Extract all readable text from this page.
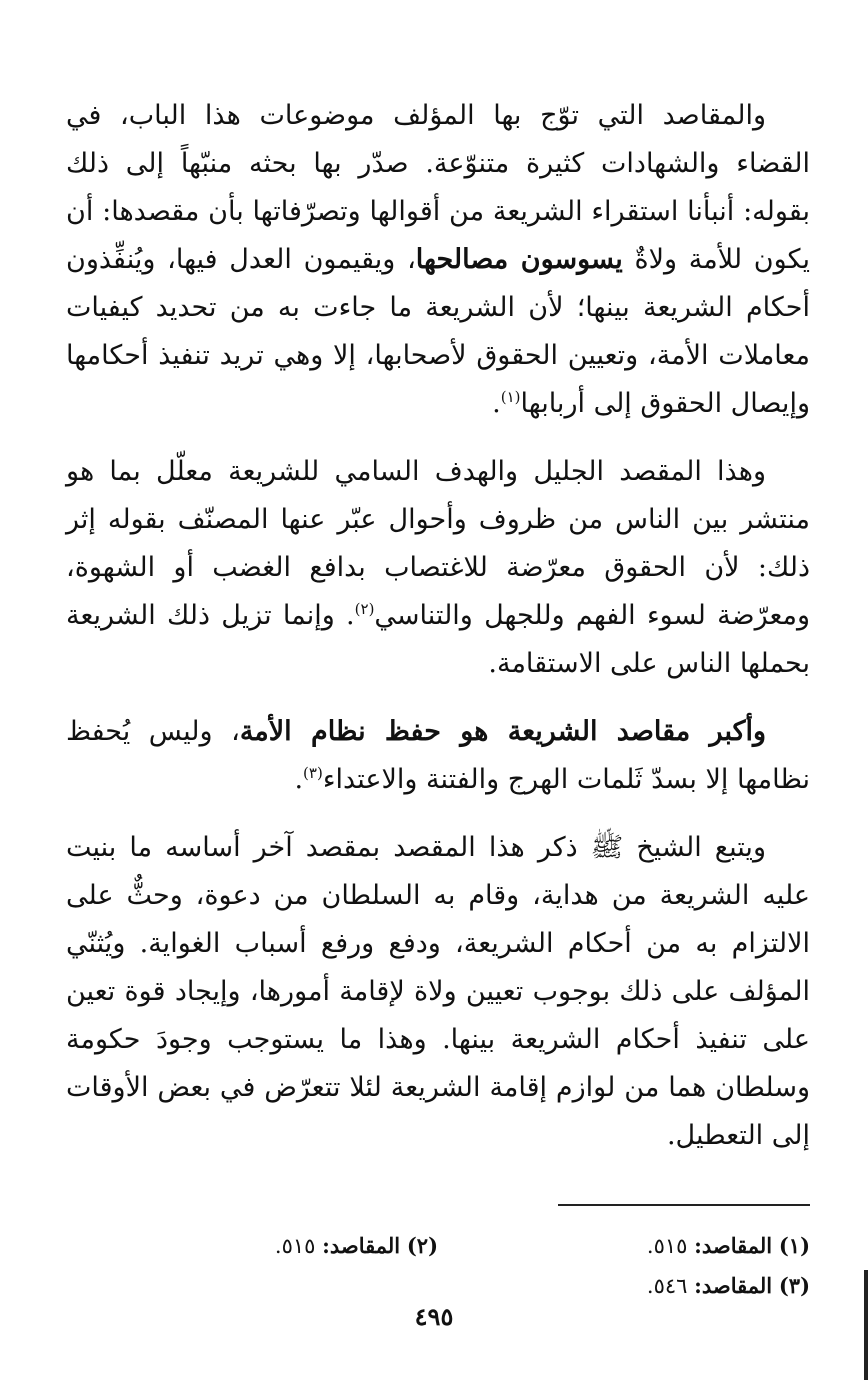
والمقاصد التي توّج بها المؤلف موضوعات هذا الباب، في القضاء والشهادات كثيرة متنوّعة. صدّر بها بحثه منبّهاً إلى ذلك بقوله: أنبأنا استقراء الشريعة من أقوالها وتصرّفاتها بأن مقصدها: أن يكون للأمة ولاةٌ يسوسون مصالحها، ويقيمون العدل فيها، ويُنفِّذون أحكام الشريعة بينها؛ لأن الشريعة ما جاءت به من تحديد كيفيات معاملات الأمة، وتعيين الحقوق لأصحابها، إلا وهي تريد تنفيذ أحكامها وإيصال الحقوق إلى أربابها$^{(١)}$.

وهذا المقصد الجليل والهدف السامي للشريعة معلّل بما هو منتشر بين الناس من ظروف وأحوال عبّر عنها المصنّف بقوله إثر ذلك: لأن الحقوق معرّضة للاغتصاب بدافع الغضب أو الشهوة، ومعرّضة لسوء الفهم وللجهل والتناسي$^{(٢)}$. وإنما تزيل ذلك الشريعة بحملها الناس على الاستقامة.

وأكبر مقاصد الشريعة هو حفظ نظام الأمة، وليس يُحفظ نظامها إلا بسدّ ثَلمات الهرج والفتنة والاعتداء$^{(٣)}$.

ويتبع الشيخ ﷺ ذكر هذا المقصد بمقصد آخر أساسه ما بنيت عليه الشريعة من هداية، وقام به السلطان من دعوة، وحثٌّ على الالتزام به من أحكام الشريعة، ودفع ورفع أسباب الغواية. ويُثنّي المؤلف على ذلك بوجوب تعيين ولاة لإقامة أمورها، وإيجاد قوة تعين على تنفيذ أحكام الشريعة بينها. وهذا ما يستوجب وجودَ حكومة وسلطان هما من لوازم إقامة الشريعة لئلا تتعرّض في بعض الأوقات إلى التعطيل.

(١) المقاصد: ٥١٥.
(٢) المقاصد: ٥١٥.
(٣) المقاصد: ٥٤٦.
٤٩٥
